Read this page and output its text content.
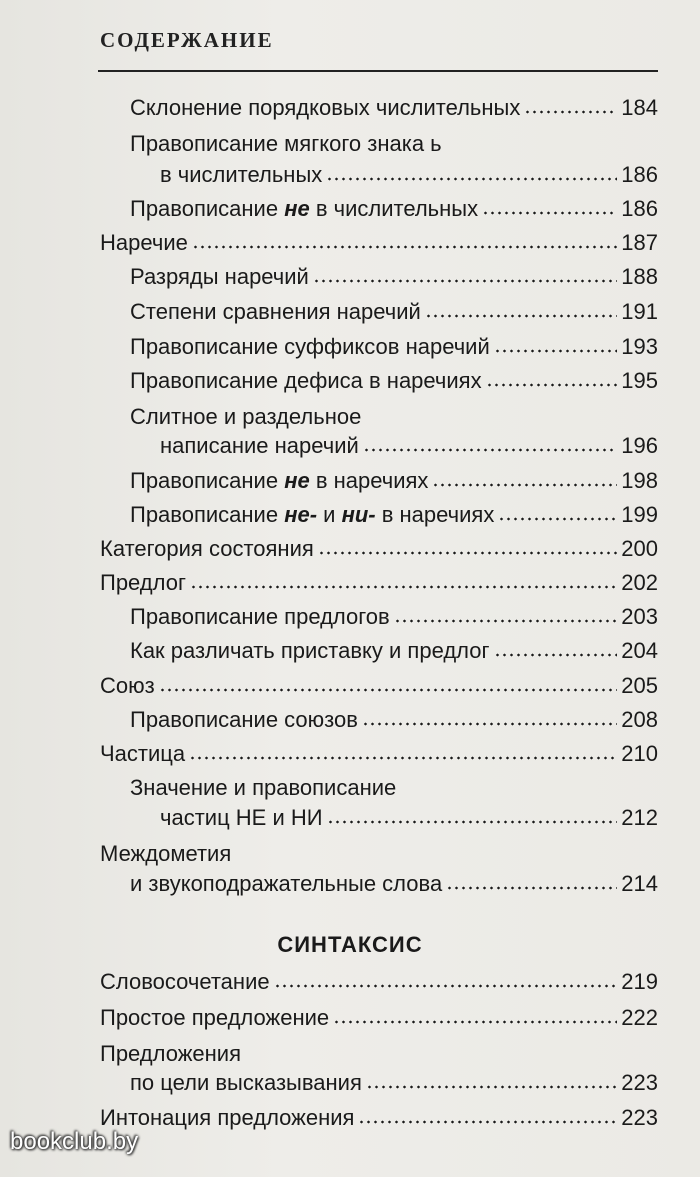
СОДЕРЖАНИЕ
Склонение порядковых числительных	184
Правописание мягкого знака ь
в числительных	186
Правописание не в числительных	186
Наречие	187
Разряды наречий	188
Степени сравнения наречий	191
Правописание суффиксов наречий	193
Правописание дефиса в наречиях	195
Слитное и раздельное
написание наречий	196
Правописание не в наречиях	198
Правописание не- и ни- в наречиях	199
Категория состояния	200
Предлог	202
Правописание предлогов	203
Как различать приставку и предлог	204
Союз	205
Правописание союзов	208
Частица	210
Значение и правописание
частиц НЕ и НИ	212
Междометия
и звукоподражательные слова	214
СИНТАКСИС
Словосочетание	219
Простое предложение	222
Предложения
по цели высказывания	223
Интонация предложения	223
bookclub.by
